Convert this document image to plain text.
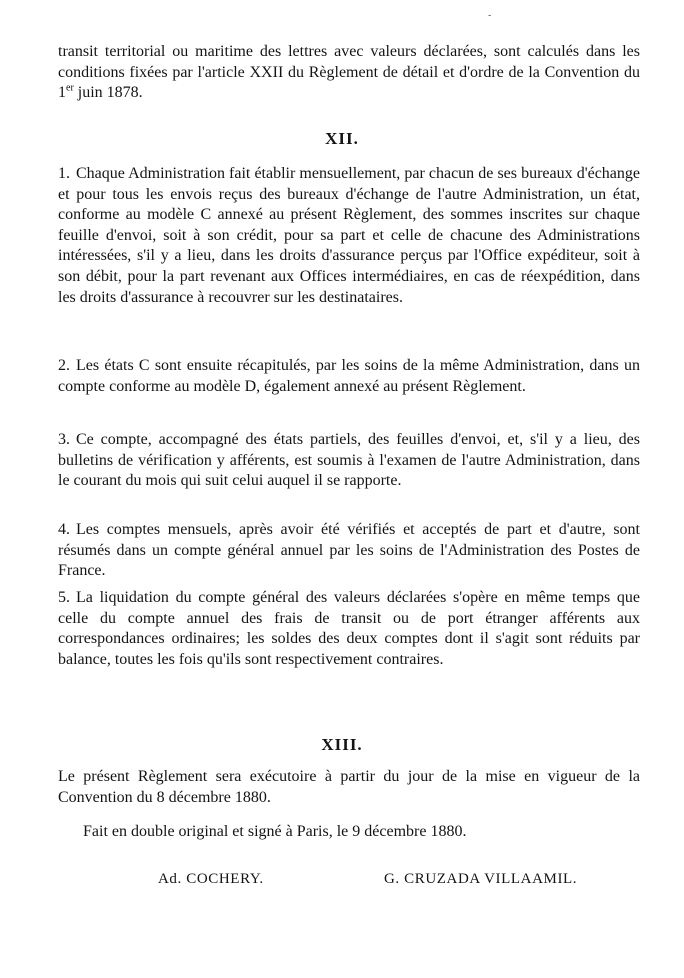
transit territorial ou maritime des lettres avec valeurs déclarées, sont calculés dans les conditions fixées par l'article XXII du Règlement de détail et d'ordre de la Convention du 1er juin 1878.

XII.

1. Chaque Administration fait établir mensuellement, par chacun de ses bureaux d'échange et pour tous les envois reçus des bureaux d'échange de l'autre Administration, un état, conforme au modèle C annexé au présent Règlement, des sommes inscrites sur chaque feuille d'envoi, soit à son crédit, pour sa part et celle de chacune des Administrations intéressées, s'il y a lieu, dans les droits d'assurance perçus par l'Office expéditeur, soit à son débit, pour la part revenant aux Offices intermédiaires, en cas de réexpédition, dans les droits d'assurance à recouvrer sur les destinataires.

2. Les états C sont ensuite récapitulés, par les soins de la même Administration, dans un compte conforme au modèle D, également annexé au présent Règlement.

3. Ce compte, accompagné des états partiels, des feuilles d'envoi, et, s'il y a lieu, des bulletins de vérification y afférents, est soumis à l'examen de l'autre Administration, dans le courant du mois qui suit celui auquel il se rapporte.

4. Les comptes mensuels, après avoir été vérifiés et acceptés de part et d'autre, sont résumés dans un compte général annuel par les soins de l'Administration des Postes de France.

5. La liquidation du compte général des valeurs déclarées s'opère en même temps que celle du compte annuel des frais de transit ou de port étranger afférents aux correspondances ordinaires; les soldes des deux comptes dont il s'agit sont réduits par balance, toutes les fois qu'ils sont respectivement contraires.

XIII.

Le présent Règlement sera exécutoire à partir du jour de la mise en vigueur de la Convention du 8 décembre 1880.

Fait en double original et signé à Paris, le 9 décembre 1880.

Ad. COCHERY.	G. CRUZADA VILLAAMIL.

-
